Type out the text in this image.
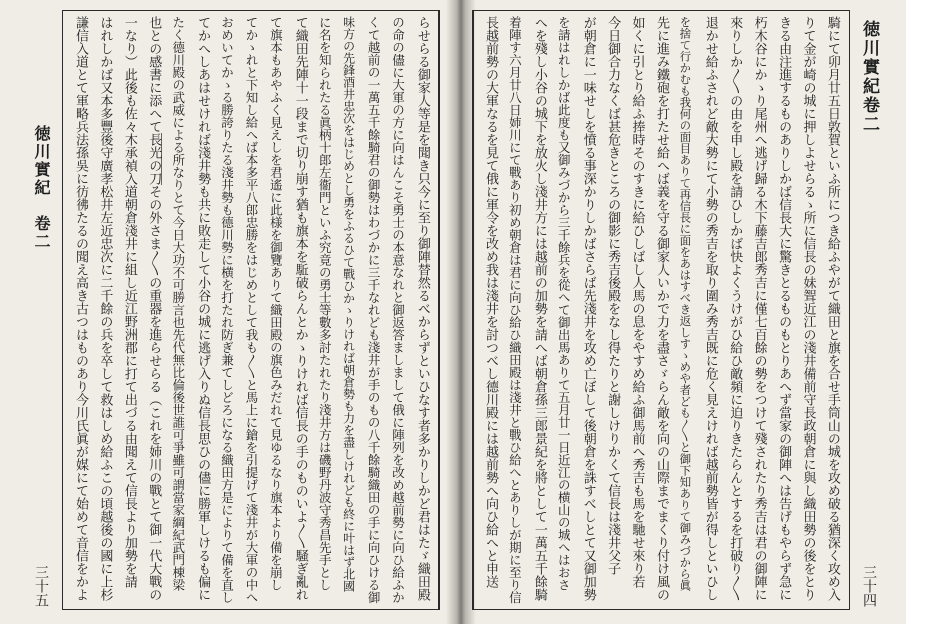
徳川實紀　卷二
三十五
徳川實紀卷二
三十四
らせらる御家人等是を聞き只今に至り御陣替然るべからずといひなす者多かりしかど君はたゞ織田殿
の命の儘に大軍の方に向はんこそ勇士の本意なれと御返答ましまして俄に陣列を改め越前勢に向ひ給ふか
くて越前の一萬五千餘騎君の御勢はわづかに三千なれども淺井が手のもの八千餘騎織田の手に向ひける御
味方の先鋒酒井忠次をはじめとし勇をふるひて戰ひかゝりければ朝倉勢も力を盡しけれども終に叶はず北國
に名を知られたる眞柄十郎左衞門といふ究竟の勇士等數多討たれたり淺井方は磯野丹波守秀昌先手とし
て織田先陣十一段まで切り崩す猶も旗本を駈破らんとかゝりければ信長の手のものいよ〳〵騒ぎ亂れ
て旗本もあやふく見えしを君遙に此様を御覽ありて織田殿の旗色みだれて見ゆるなり旗本より備を崩し
てかゝれと下知し給へば本多平八郎忠勝をはじめとして我も〳〵と馬上に鎗を引提げて淺井が大軍の中へ
おめいてかゝる勝誇りたる淺井勢も德川勢に横を打たれ防ぎ兼てしどろになる織田方是によりて備を直し
てかへしあはせければ淺井勢も共に敗走して小谷の城に逃げ入りぬ信長思ひの儘に勝軍しけるも偏に
たく德川殿の武威による所なりとて今日大功不可勝言也先代無比倫後世誰可爭雖可謂當家綱紀武門棟梁
也との感書に添へて長光の刀その外さま〳〵の重器を進らせらる（これを姉川の戰とて御一代大戰の
一なり）此後も佐々木承禎入道朝倉淺井に組し近江野洲郡に打て出づる由聞えて信長より加勢を請
はれしかば又本多豐後守廣孝松井左近忠次に二千餘の兵を卒して救はしめ給ふこの頃越後の國に上杉
謙信入道とて軍略兵法孫吳に彷彿たるの聞え高き古つはものあり今川氏眞が媒にて始めて音信をかよ	騎にて卯月廿五日敦賀といふ所につき給ふやがて織田と旗を合せ手筒山の城を攻め破る猶深く攻め入
りて金が崎の城に押しよせらるゝ所に信長の妹聟近江の淺井備前守長政朝倉に與し織田勢の後をとり
きる由注進するものありしかば信長大に驚きとるものもとりあへず當家の御陣へは告げもやらず急に
朽木谷にかゝり尾州へ逃げ歸る木下藤吉郎秀吉に僅七百餘の勢をつけて殘されたり秀吉は君の御陣に
來りしか〳〵の由を申し殿を請ひしかば快よくうけがひ給ひ敵頻に迫りきたらんとするを打破り〳〵
退かせ給ふされど敵大勢にて小勢の秀吉を取り圍み秀吉既に危く見えければ越前勢皆が得しといひし
を捨て行かむも我何の面目ありて再信長に面をあはすべき返しすゝめや者ども〳〵と御下知ありて御みづから眞
先に進み鐵砲を打たせ給へば義を守る御家人いかで力を盡さゞらん敵を向の山際までまくり付け風の
如くに引とり給ふ捧時そのすきに給ひしばし人馬の息をやすめ給ふ御馬前へ秀吉も馬を馳せ來り若
今日御合力なくば甚危きところの御影に秀吉後殿をなし得たりと謝しけりかくて信長は淺井父子
が朝倉に一味せしを憤る事深かりしかばさらば先淺井を攻め亡ぼして後朝倉を誅すべしとて又御加勢
を請はれしかば此度も又御みづから三千餘兵を從へて御出馬ありて五月廿一日近江の横山の城へはおさ
へを殘し小谷の城下を放火し淺井方には越前の加勢を請へば朝倉孫三郎景紀を將として一萬五千餘騎
着陣す六月廿八日姉川にて戰あり初め朝倉は君に向ひ給ひ織田殿は淺井と戰ひ給へとありしが期に至り信
長越前勢の大軍なるを見て俄に軍令を改め我は淺井を討つべし德川殿には越前勢へ向ひ給へと申送
